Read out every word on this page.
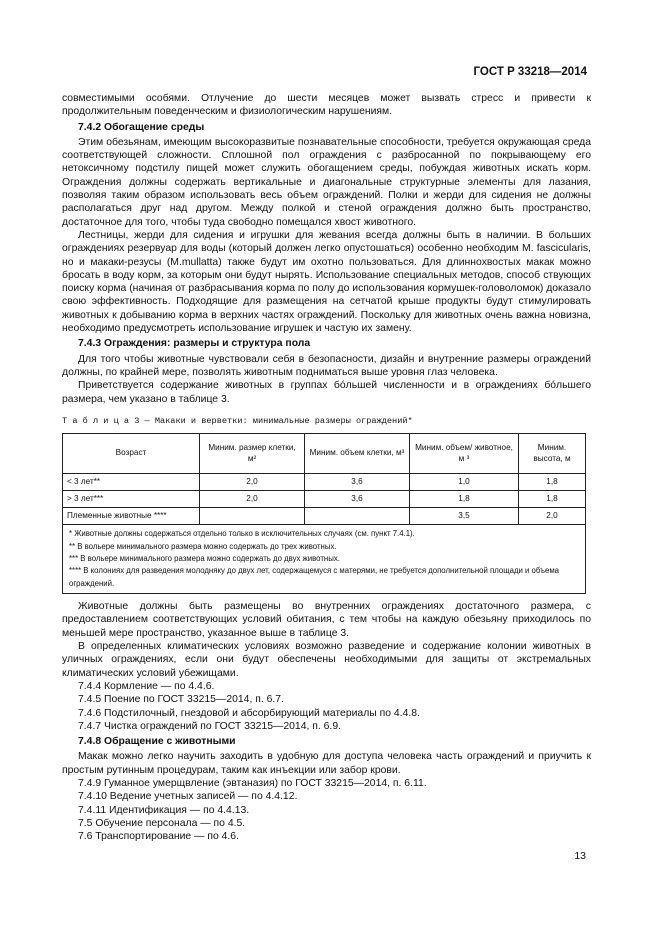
ГОСТ Р 33218—2014

совместимыми особями. Отлучение до шести месяцев может вызвать стресс и привести к продолжительным поведенческим и физиологическим нарушениям.

7.4.2 Обогащение среды

Этим обезьянам, имеющим высокоразвитые познавательные способности, требуется окружающая среда соответствующей сложности. Сплошной пол ограждения с разбросанной по покрывающему его нетоксичному подстилу пищей может служить обогащением среды, побуждая животных искать корм. Ограждения должны содержать вертикальные и диагональные структурные элементы для лазания, позволяя таким образом использовать весь объем ограждений. Полки и жерди для сидения не должны располагаться друг над другом. Между полкой и стеной ограждения должно быть пространство, достаточное для того, чтобы туда свободно помещался хвост животного.

Лестницы, жерди для сидения и игрушки для жевания всегда должны быть в наличии. В больших ограждениях резервуар для воды (который должен легко опустошаться) особенно необходим M. fascicularis, но и макаки-резусы (M.mullatta) также будут им охотно пользоваться. Для длиннохвостых макак можно бросать в воду корм, за которым они будут нырять. Использование специальных методов, способ ствующих поиску корма (начиная от разбрасывания корма по полу до использования кормушек-головоломок) доказало свою эффективность. Подходящие для размещения на сетчатой крыше продукты будут стимулировать животных к добыванию корма в верхних частях ограждений. Поскольку для животных очень важна новизна, необходимо предусмотреть использование игрушек и частую их замену.

7.4.3 Ограждения: размеры и структура пола

Для того чтобы животные чувствовали себя в безопасности, дизайн и внутренние размеры ограждений должны, по крайней мере, позволять животным подниматься выше уровня глаз человека.

Приветствуется содержание животных в группах бóльшей численности и в ограждениях бóльшего размера, чем указано в таблице 3.

Т а б л и ц а 3 — Макаки и верветки: минимальные размеры ограждений*

Возраст	Миним. размер клетки, м²	Миним. объем клетки, м³	Миним. объем/ животное, м ³	Миним. высота, м
< 3 лет**	2,0	3,6	1,0	1,8
> 3 лет***	2,0	3,6	1,8	1,8
Племенные животные ****			3,5	2,0

* Животные должны содержаться отдельно только в исключительных случаях (см. пункт 7.4.1).
** В вольере минимального размера можно содержать до трех животных.
*** В вольере минимального размера можно содержать до двух животных.
**** В колониях для разведения молодняку до двух лет, содержащемуся с матерями, не требуется дополнительной площади и объема ограждений.				

Животные должны быть размещены во внутренних ограждениях достаточного размера, с предоставлением соответствующих условий обитания, с тем чтобы на каждую обезьяну приходилось по меньшей мере пространство, указанное выше в таблице 3.

В определенных климатических условиях возможно разведение и содержание колонии животных в уличных ограждениях, если они будут обеспечены необходимыми для защиты от экстремальных климатических условий убежищами.

7.4.4 Кормление — по 4.4.6.

7.4.5 Поение по ГОСТ 33215—2014, п. 6.7.

7.4.6 Подстилочный, гнездовой и абсорбирующий материалы по 4.4.8.

7.4.7 Чистка ограждений по ГОСТ 33215—2014, п. 6.9.

7.4.8 Обращение с животными

Макак можно легко научить заходить в удобную для доступа человека часть ограждений и приучить к простым рутинным процедурам, таким как инъекции или забор крови.

7.4.9 Гуманное умерщвление (эвтаназия) по ГОСТ 33215—2014, п. 6.11.

7.4.10 Ведение учетных записей — по 4.4.12.

7.4.11 Идентификация — по 4.4.13.

7.5 Обучение персонала — по 4.5.

7.6 Транспортирование — по 4.6.

13
